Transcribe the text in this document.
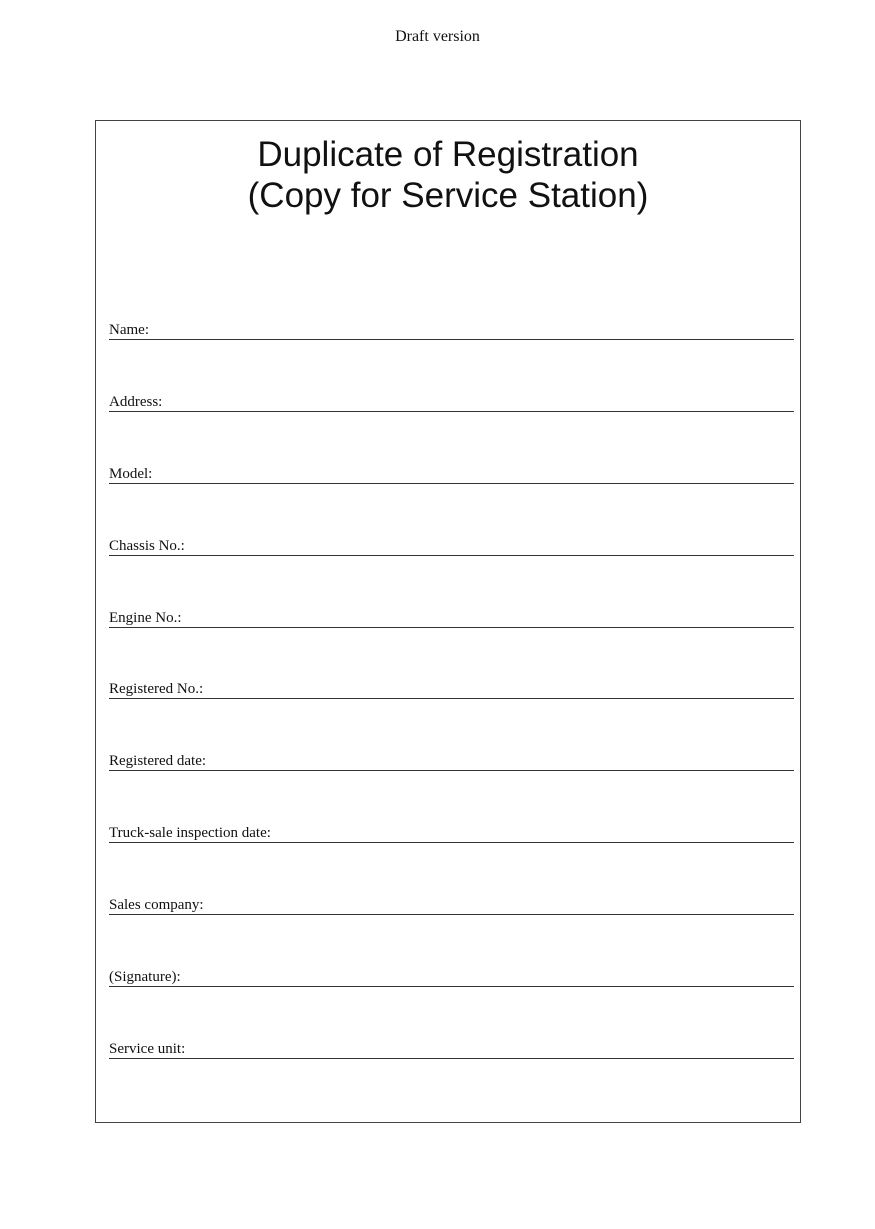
Draft version
Duplicate of Registration
(Copy for Service Station)
Name:
Address:
Model:
Chassis No.:
Engine No.:
Registered No.:
Registered date:
Truck-sale inspection date:
Sales company:
(Signature):
Service unit:
